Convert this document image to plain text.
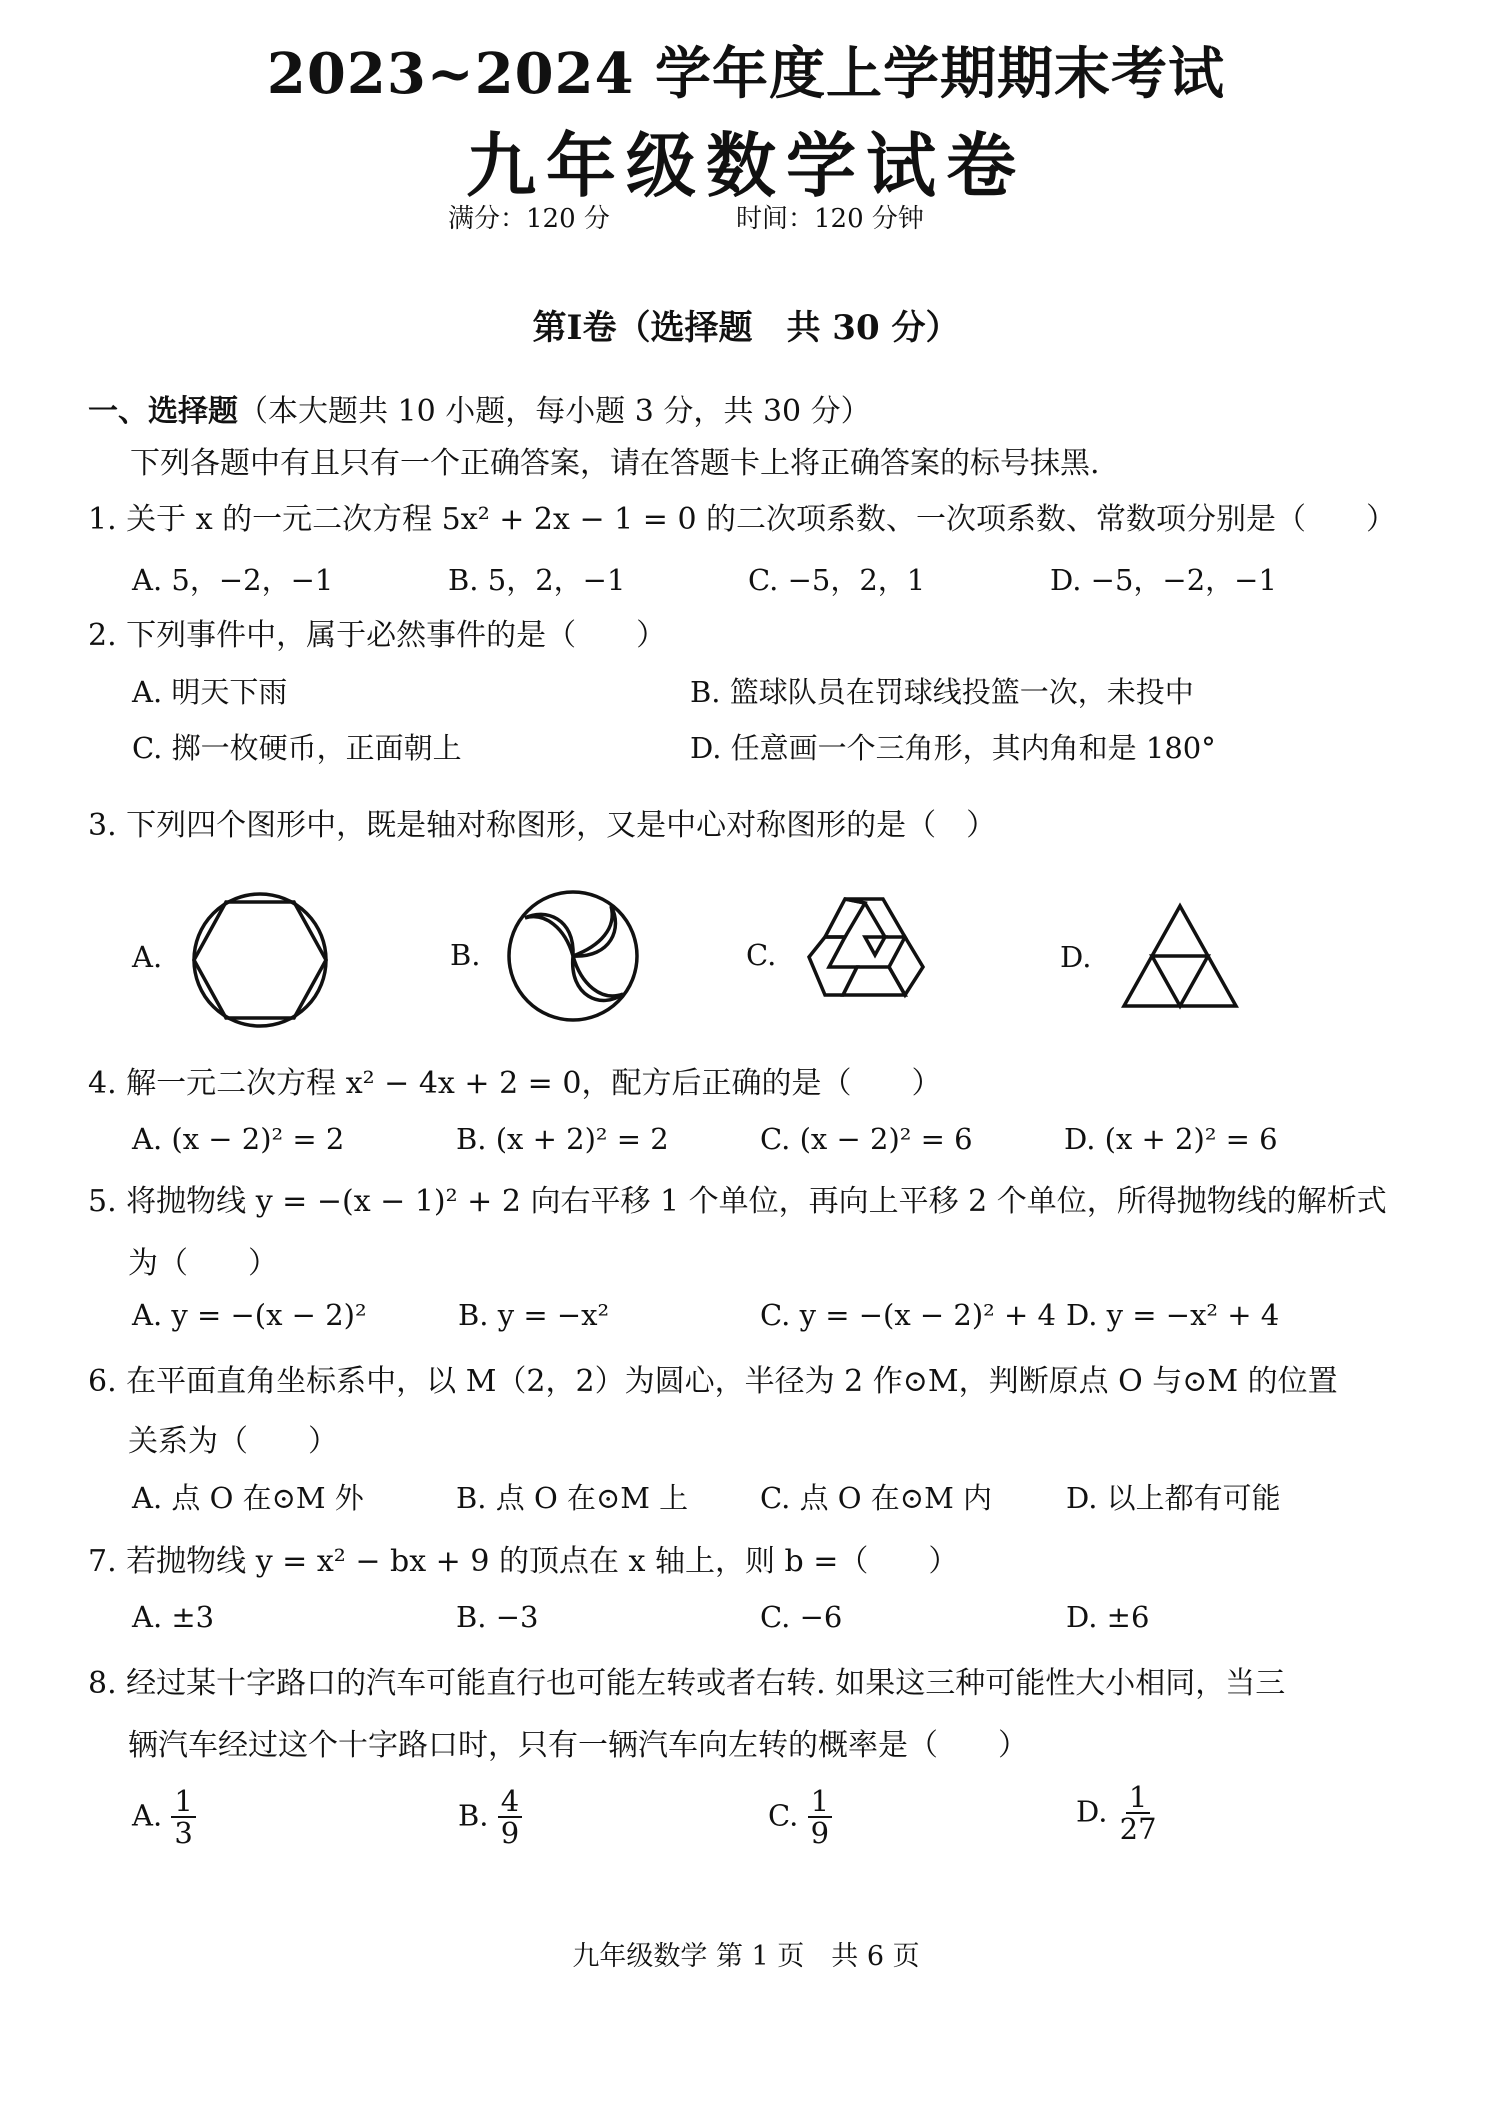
2023~2024 学年度上学期期末考试
九年级数学试卷
满分：120 分	时间：120 分钟
第Ⅰ卷（选择题　共 30 分）
一、选择题（本大题共 10 小题，每小题 3 分，共 30 分）
下列各题中有且只有一个正确答案，请在答题卡上将正确答案的标号抹黑.
1. 关于 x 的一元二次方程 5x² + 2x − 1 = 0 的二次项系数、一次项系数、常数项分别是（　　）
A. 5，−2，−1	B. 5，2，−1	C. −5，2，1	D. −5，−2，−1
2. 下列事件中，属于必然事件的是（　　）
A. 明天下雨	B. 篮球队员在罚球线投篮一次，未投中
C. 掷一枚硬币，正面朝上	D. 任意画一个三角形，其内角和是 180°
3. 下列四个图形中，既是轴对称图形，又是中心对称图形的是（　）
A.	B.	C.	D.
4. 解一元二次方程 x² − 4x + 2 = 0，配方后正确的是（　　）
A. (x − 2)² = 2	B. (x + 2)² = 2	C. (x − 2)² = 6	D. (x + 2)² = 6
5. 将抛物线 y = −(x − 1)² + 2 向右平移 1 个单位，再向上平移 2 个单位，所得抛物线的解析式
为（　　）
A. y = −(x − 2)²	B. y = −x²	C. y = −(x − 2)² + 4 D. y = −x² + 4
6. 在平面直角坐标系中，以 M（2，2）为圆心，半径为 2 作⊙M，判断原点 O 与⊙M 的位置
关系为（　　）
A. 点 O 在⊙M 外	B. 点 O 在⊙M 上 C. 点 O 在⊙M 内	D. 以上都有可能
7. 若抛物线 y = x² − bx + 9 的顶点在 x 轴上，则 b =（　　）
A. ±3	B. −3	C. −6	D. ±6
8. 经过某十字路口的汽车可能直行也可能左转或者右转. 如果这三种可能性大小相同，当三
辆汽车经过这个十字路口时，只有一辆汽车向左转的概率是（　　）
A. $\frac{1}{3}$	B. $\frac{4}{9}$	C. $\frac{1}{9}$	D. $\frac{1}{27}$
九年级数学 第 1 页　共 6 页
